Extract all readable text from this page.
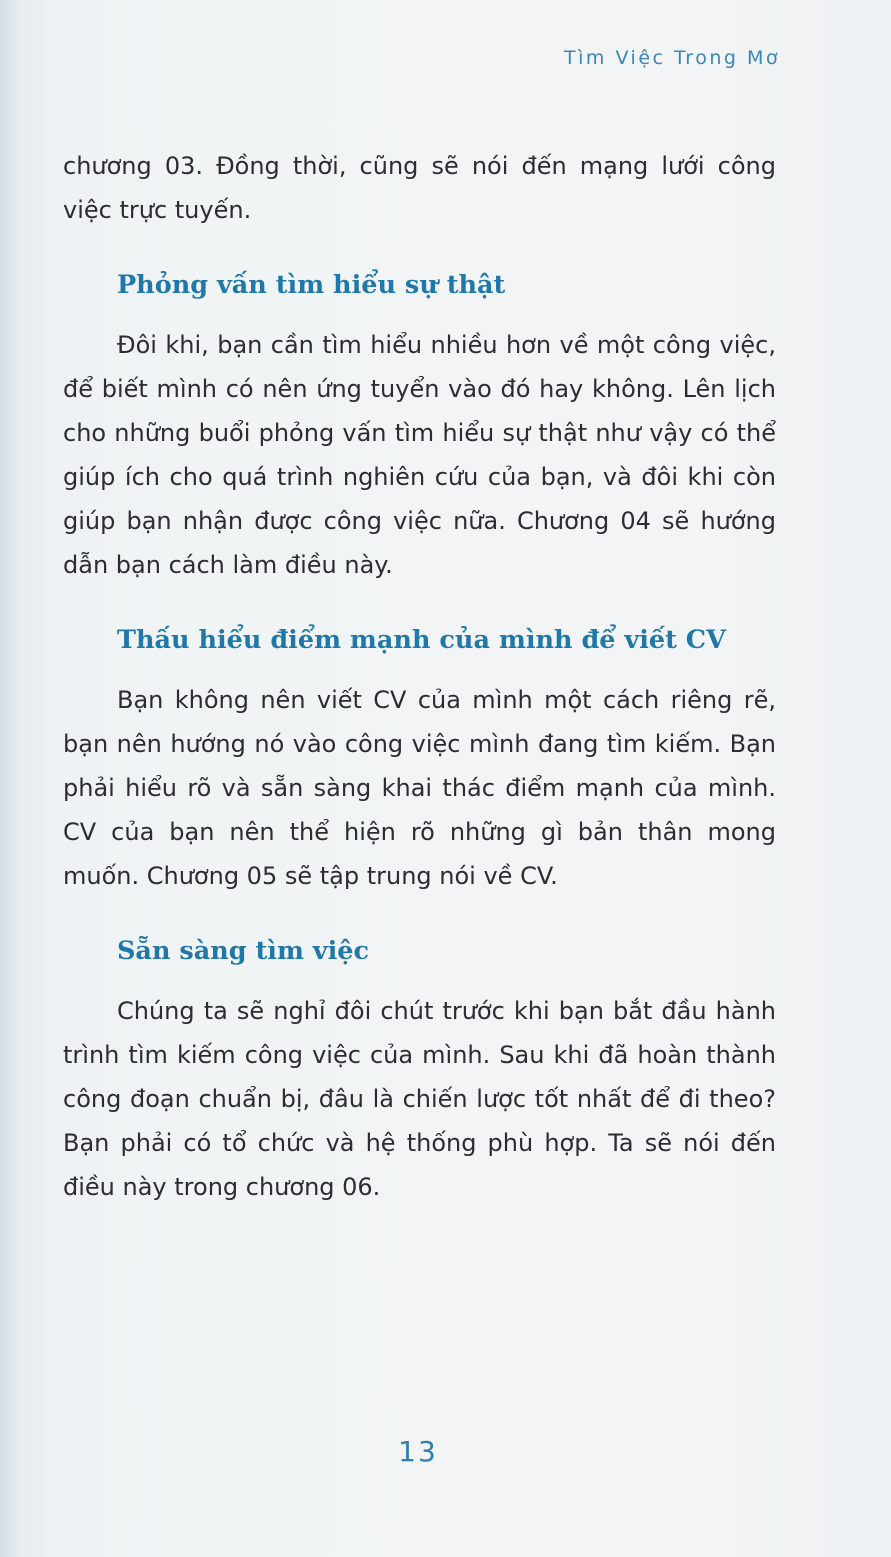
Tìm Việc Trong Mơ

chương 03. Đồng thời, cũng sẽ nói đến mạng lưới công việc trực tuyến.

Phỏng vấn tìm hiểu sự thật

Đôi khi, bạn cần tìm hiểu nhiều hơn về một công việc, để biết mình có nên ứng tuyển vào đó hay không. Lên lịch cho những buổi phỏng vấn tìm hiểu sự thật như vậy có thể giúp ích cho quá trình nghiên cứu của bạn, và đôi khi còn giúp bạn nhận được công việc nữa. Chương 04 sẽ hướng dẫn bạn cách làm điều này.

Thấu hiểu điểm mạnh của mình để viết CV

Bạn không nên viết CV của mình một cách riêng rẽ, bạn nên hướng nó vào công việc mình đang tìm kiếm. Bạn phải hiểu rõ và sẵn sàng khai thác điểm mạnh của mình. CV của bạn nên thể hiện rõ những gì bản thân mong muốn. Chương 05 sẽ tập trung nói về CV.

Sẵn sàng tìm việc

Chúng ta sẽ nghỉ đôi chút trước khi bạn bắt đầu hành trình tìm kiếm công việc của mình. Sau khi đã hoàn thành công đoạn chuẩn bị, đâu là chiến lược tốt nhất để đi theo? Bạn phải có tổ chức và hệ thống phù hợp. Ta sẽ nói đến điều này trong chương 06.

13
